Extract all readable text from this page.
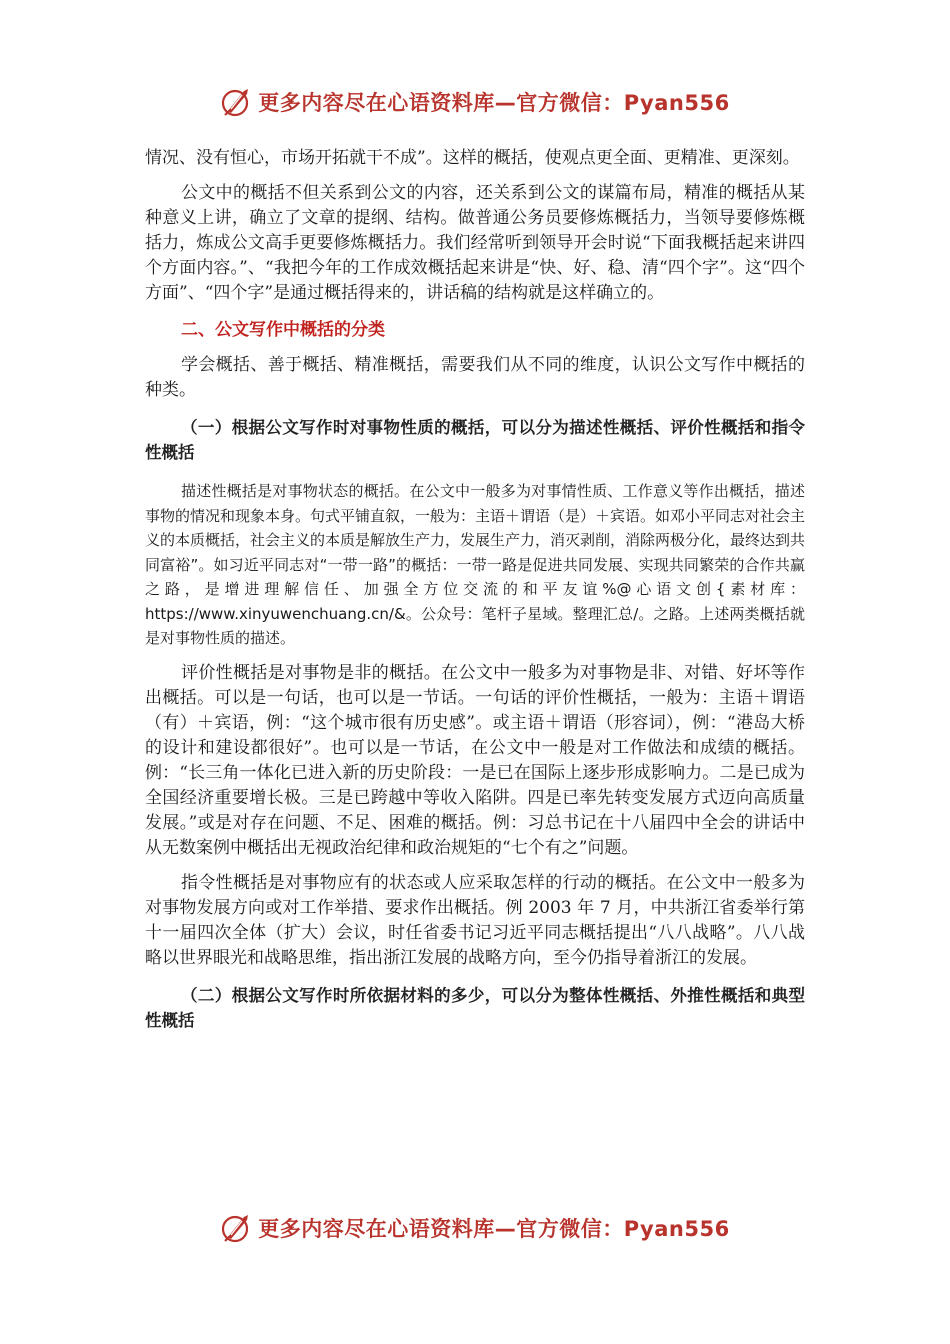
更多内容尽在心语资料库—官方微信：Pyan556

情况、没有恒心，市场开拓就干不成”。这样的概括，使观点更全面、更精准、更深刻。

公文中的概括不但关系到公文的内容，还关系到公文的谋篇布局，精准的概括从某种意义上讲，确立了文章的提纲、结构。做普通公务员要修炼概括力，当领导要修炼概括力，炼成公文高手更要修炼概括力。我们经常听到领导开会时说“下面我概括起来讲四个方面内容。”、“我把今年的工作成效概括起来讲是“快、好、稳、清“四个字”。这“四个方面”、“四个字”是通过概括得来的，讲话稿的结构就是这样确立的。

二、公文写作中概括的分类

学会概括、善于概括、精准概括，需要我们从不同的维度，认识公文写作中概括的种类。

（一）根据公文写作时对事物性质的概括，可以分为描述性概括、评价性概括和指令性概括

描述性概括是对事物状态的概括。在公文中一般多为对事情性质、工作意义等作出概括，描述事物的情况和现象本身。句式平铺直叙，一般为：主语＋谓语（是）＋宾语。如邓小平同志对社会主义的本质概括，社会主义的本质是解放生产力，发展生产力，消灭剥削，消除两极分化，最终达到共同富裕”。如习近平同志对“一带一路”的概括：一带一路是促进共同发展、实现共同繁荣的合作共赢之路，是增进理解信任、加强全方位交流的和平友谊%@心语文创{素材库：https://www.xinyuwenchuang.cn/&。公众号：笔杆子星域。整理汇总/。之路。上述两类概括就是对事物性质的描述。

评价性概括是对事物是非的概括。在公文中一般多为对事物是非、对错、好坏等作出概括。可以是一句话，也可以是一节话。一句话的评价性概括，一般为：主语＋谓语（有）＋宾语，例：“这个城市很有历史感”。或主语＋谓语（形容词），例：“港岛大桥的设计和建设都很好”。也可以是一节话，在公文中一般是对工作做法和成绩的概括。例：“长三角一体化已进入新的历史阶段：一是已在国际上逐步形成影响力。二是已成为全国经济重要增长极。三是已跨越中等收入陷阱。四是已率先转变发展方式迈向高质量发展。”或是对存在问题、不足、困难的概括。例：习总书记在十八届四中全会的讲话中从无数案例中概括出无视政治纪律和政治规矩的“七个有之”问题。

指令性概括是对事物应有的状态或人应采取怎样的行动的概括。在公文中一般多为对事物发展方向或对工作举措、要求作出概括。例 2003 年 7 月，中共浙江省委举行第十一届四次全体（扩大）会议，时任省委书记习近平同志概括提出“八八战略”。八八战略以世界眼光和战略思维，指出浙江发展的战略方向，至今仍指导着浙江的发展。

（二）根据公文写作时所依据材料的多少，可以分为整体性概括、外推性概括和典型性概括

更多内容尽在心语资料库—官方微信：Pyan556
